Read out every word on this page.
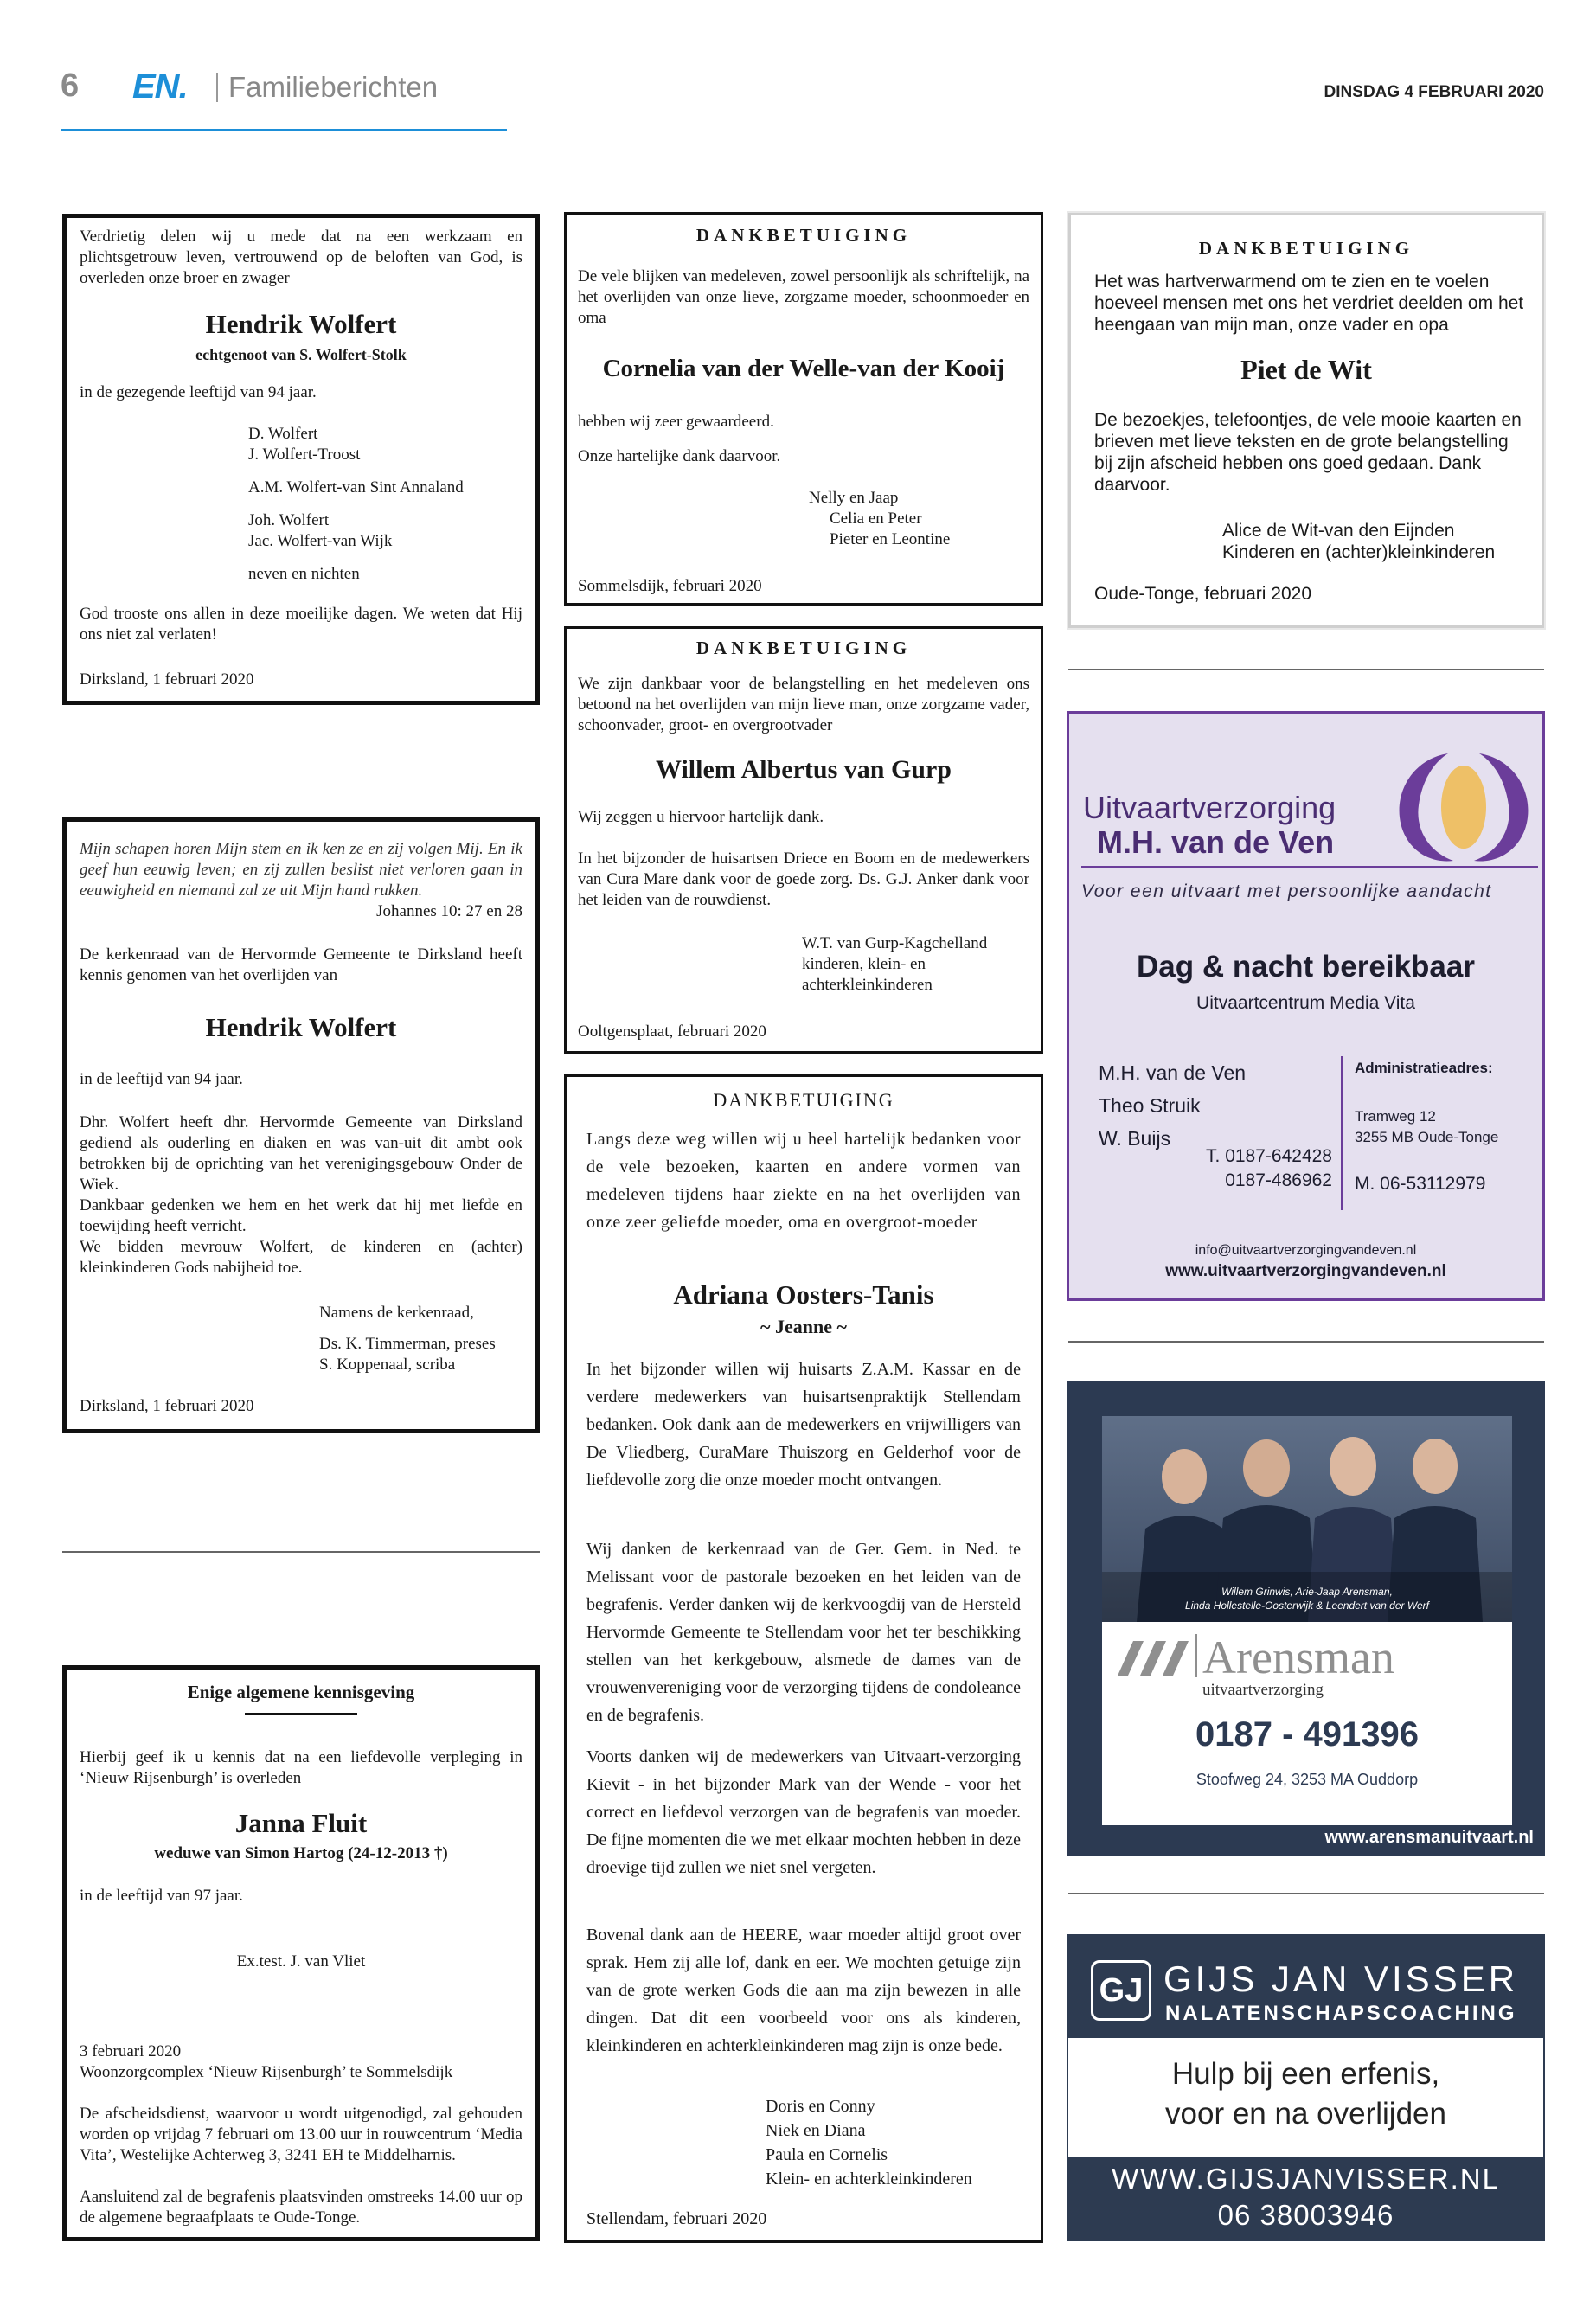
6 EN. Familieberichten	DINSDAG 4 FEBRUARI 2020
Verdrietig delen wij u mede dat na een werkzaam en plichtsgetrouw leven, vertrouwend op de beloften van God, is overleden onze broer en zwager
Hendrik Wolfert
echtgenoot van S. Wolfert-Stolk
in de gezegende leeftijd van 94 jaar.
D. Wolfert
J. Wolfert-Troost
A.M. Wolfert-van Sint Annaland
Joh. Wolfert
Jac. Wolfert-van Wijk
neven en nichten
God trooste ons allen in deze moeilijke dagen. We weten dat Hij ons niet zal verlaten!
Dirksland, 1 februari 2020
Mijn schapen horen Mijn stem en ik ken ze en zij volgen Mij. En ik geef hun eeuwig leven; en zij zullen beslist niet verloren gaan in eeuwigheid en niemand zal ze uit Mijn hand rukken.
Johannes 10: 27 en 28
De kerkenraad van de Hervormde Gemeente te Dirksland heeft kennis genomen van het overlijden van
Hendrik Wolfert
in de leeftijd van 94 jaar.
Dhr. Wolfert heeft dhr. Hervormde Gemeente van Dirksland gediend als ouderling en diaken en was van-uit dit ambt ook betrokken bij de oprichting van het verenigingsgebouw Onder de Wiek.
Dankbaar gedenken we hem en het werk dat hij met liefde en toewijding heeft verricht.
We bidden mevrouw Wolfert, de kinderen en (achter) kleinkinderen Gods nabijheid toe.
Namens de kerkenraad,
Ds. K. Timmerman, preses
S. Koppenaal, scriba
Dirksland, 1 februari 2020
Enige algemene kennisgeving
Hierbij geef ik u kennis dat na een liefdevolle verpleging in ‘Nieuw Rijsenburgh’ is overleden
Janna Fluit
weduwe van Simon Hartog (24-12-2013 †)
in de leeftijd van 97 jaar.
Ex.test. J. van Vliet
3 februari 2020
Woonzorgcomplex ‘Nieuw Rijsenburgh’ te Sommelsdijk
De afscheidsdienst, waarvoor u wordt uitgenodigd, zal gehouden worden op vrijdag 7 februari om 13.00 uur in rouwcentrum ‘Media Vita’, Westelijke Achterweg 3, 3241 EH te Middelharnis.
Aansluitend zal de begrafenis plaatsvinden omstreeks 14.00 uur op de algemene begraafplaats te Oude-Tonge.
DANKBETUIGING
De vele blijken van medeleven, zowel persoonlijk als schriftelijk, na het overlijden van onze lieve, zorgzame moeder, schoonmoeder en oma
Cornelia van der Welle-van der Kooij
hebben wij zeer gewaardeerd.
Onze hartelijke dank daarvoor.
Nelly en Jaap
Celia en Peter
Pieter en Leontine
Sommelsdijk, februari 2020
DANKBETUIGING
We zijn dankbaar voor de belangstelling en het medeleven ons betoond na het overlijden van mijn lieve man, onze zorgzame vader, schoonvader, groot- en overgrootvader
Willem Albertus van Gurp
Wij zeggen u hiervoor hartelijk dank.
In het bijzonder de huisartsen Driece en Boom en de medewerkers van Cura Mare dank voor de goede zorg. Ds. G.J. Anker dank voor het leiden van de rouwdienst.
W.T. van Gurp-Kagchelland
kinderen, klein- en
achterkleinkinderen
Ooltgensplaat, februari 2020
DANKBETUIGING
Langs deze weg willen wij u heel hartelijk bedanken voor de vele bezoeken, kaarten en andere vormen van medeleven tijdens haar ziekte en na het overlijden van onze zeer geliefde moeder, oma en overgroot-moeder
Adriana Oosters-Tanis
~ Jeanne ~
In het bijzonder willen wij huisarts Z.A.M. Kassar en de verdere medewerkers van huisartsenpraktijk Stellendam bedanken. Ook dank aan de medewerkers en vrijwilligers van De Vliedberg, CuraMare Thuiszorg en Gelderhof voor de liefdevolle zorg die onze moeder mocht ontvangen.
Wij danken de kerkenraad van de Ger. Gem. in Ned. te Melissant voor de pastorale bezoeken en het leiden van de begrafenis. Verder danken wij de kerkvoogdij van de Hersteld Hervormde Gemeente te Stellendam voor het ter beschikking stellen van het kerkgebouw, alsmede de dames van de vrouwenvereniging voor de verzorging tijdens de condoleance en de begrafenis.
Voorts danken wij de medewerkers van Uitvaart-verzorging Kievit - in het bijzonder Mark van der Wende - voor het correct en liefdevol verzorgen van de begrafenis van moeder. De fijne momenten die we met elkaar mochten hebben in deze droevige tijd zullen we niet snel vergeten.
Bovenal dank aan de HEERE, waar moeder altijd groot over sprak. Hem zij alle lof, dank en eer. We mochten getuige zijn van de grote werken Gods die aan ma zijn bewezen in alle dingen. Dat dit een voorbeeld voor ons als kinderen, kleinkinderen en achterkleinkinderen mag zijn is onze bede.
Doris en Conny
Niek en Diana
Paula en Cornelis
Klein- en achterkleinkinderen
Stellendam, februari 2020
DANKBETUIGING
Het was hartverwarmend om te zien en te voelen hoeveel mensen met ons het verdriet deelden om het heengaan van mijn man, onze vader en opa
Piet de Wit
De bezoekjes, telefoontjes, de vele mooie kaarten en brieven met lieve teksten en de grote belangstelling bij zijn afscheid hebben ons goed gedaan. Dank daarvoor.
Alice de Wit-van den Eijnden
Kinderen en (achter)kleinkinderen
Oude-Tonge, februari 2020
Uitvaartverzorging
M.H. van de Ven
Voor een uitvaart met persoonlijke aandacht
Dag & nacht bereikbaar
Uitvaartcentrum Media Vita
M.H. van de Ven
Theo Struik
W. Buijs
T. 0187-642428
0187-486962
Administratieadres:
Tramweg 12
3255 MB Oude-Tonge
M. 06-53112979
info@uitvaartverzorgingvandeven.nl
www.uitvaartverzorgingvandeven.nl
Willem Grinwis, Arie-Jaap Arensman,
Linda Hollestelle-Oosterwijk & Leendert van der Werf
Arensman
uitvaartverzorging
0187 - 491396
Stoofweg 24, 3253 MA Ouddorp
www.arensmanuitvaart.nl
GJ GIJS JAN VISSER
NALATENSCHAPSCOACHING
Hulp bij een erfenis,
voor en na overlijden
WWW.GIJSJANVISSER.NL
06 38003946
